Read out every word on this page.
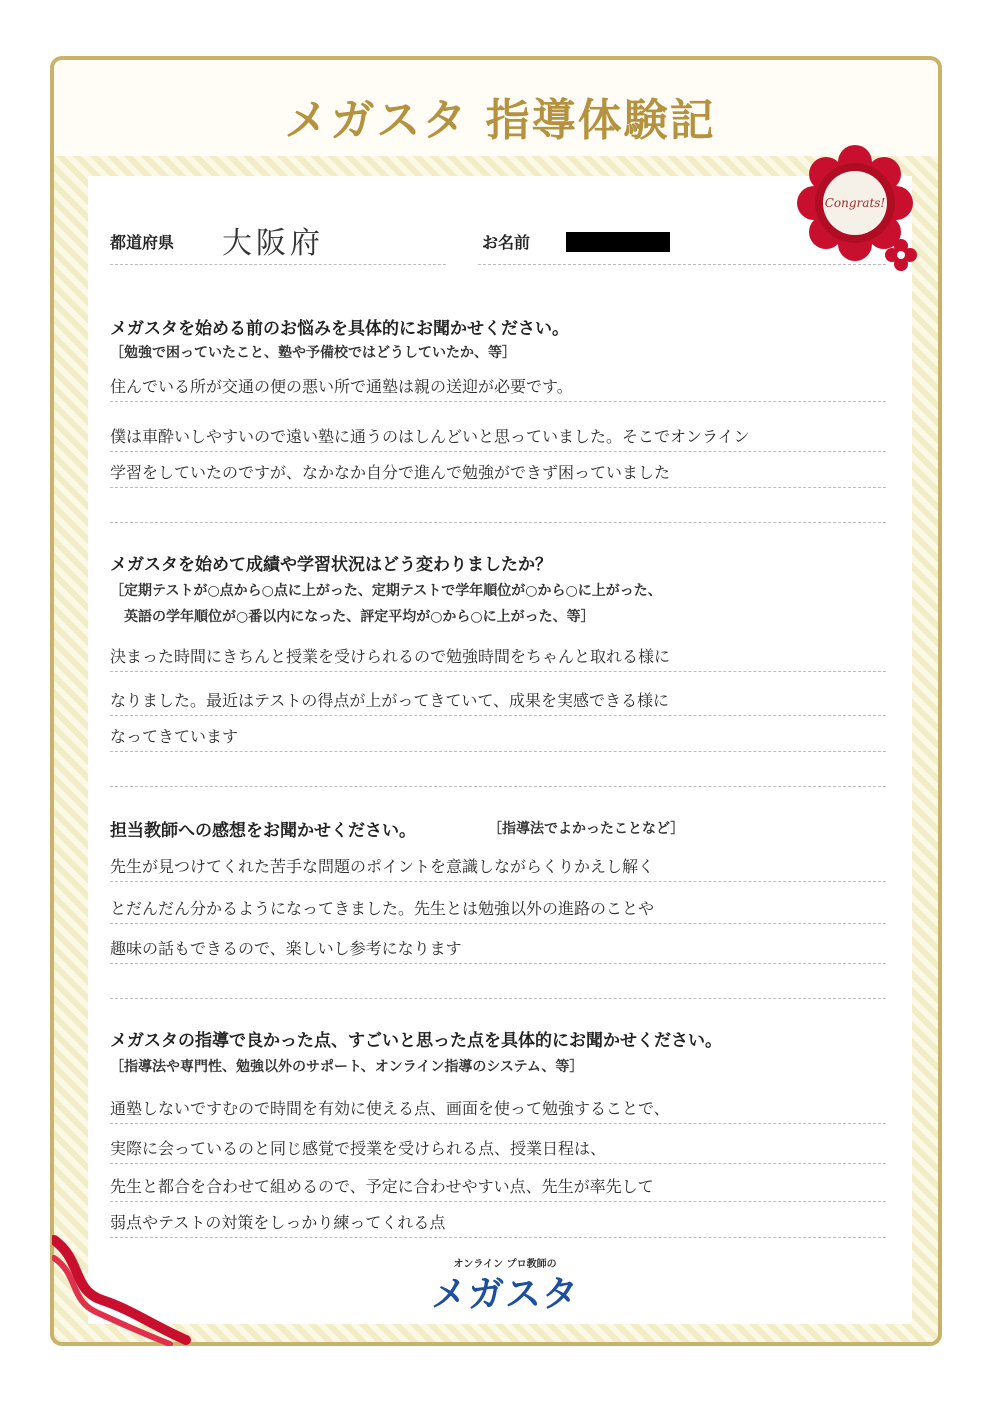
メガスタ 指導体験記
Congrats!
都道府県 大阪府	お名前
メガスタを始める前のお悩みを具体的にお聞かせください。
［勉強で困っていたこと、塾や予備校ではどうしていたか、等］
住んでいる所が交通の便の悪い所で通塾は親の送迎が必要です。
僕は車酔いしやすいので遠い塾に通うのはしんどいと思っていました。そこでオンライン
学習をしていたのですが、なかなか自分で進んで勉強ができず困っていました
メガスタを始めて成績や学習状況はどう変わりましたか？
［定期テストが○点から○点に上がった、定期テストで学年順位が○から○に上がった、
英語の学年順位が○番以内になった、評定平均が○から○に上がった、等］
決まった時間にきちんと授業を受けられるので勉強時間をちゃんと取れる様に
なりました。最近はテストの得点が上がってきていて、成果を実感できる様に
なってきています
担当教師への感想をお聞かせください。	［指導法でよかったことなど］
先生が見つけてくれた苦手な問題のポイントを意識しながらくりかえし解く
とだんだん分かるようになってきました。先生とは勉強以外の進路のことや
趣味の話もできるので、楽しいし参考になります
メガスタの指導で良かった点、すごいと思った点を具体的にお聞かせください。
［指導法や専門性、勉強以外のサポート、オンライン指導のシステム、等］
通塾しないですむので時間を有効に使える点、画面を使って勉強することで、
実際に会っているのと同じ感覚で授業を受けられる点、授業日程は、
先生と都合を合わせて組めるので、予定に合わせやすい点、先生が率先して
弱点やテストの対策をしっかり練ってくれる点
オンライン プロ教師の
メガスタ
